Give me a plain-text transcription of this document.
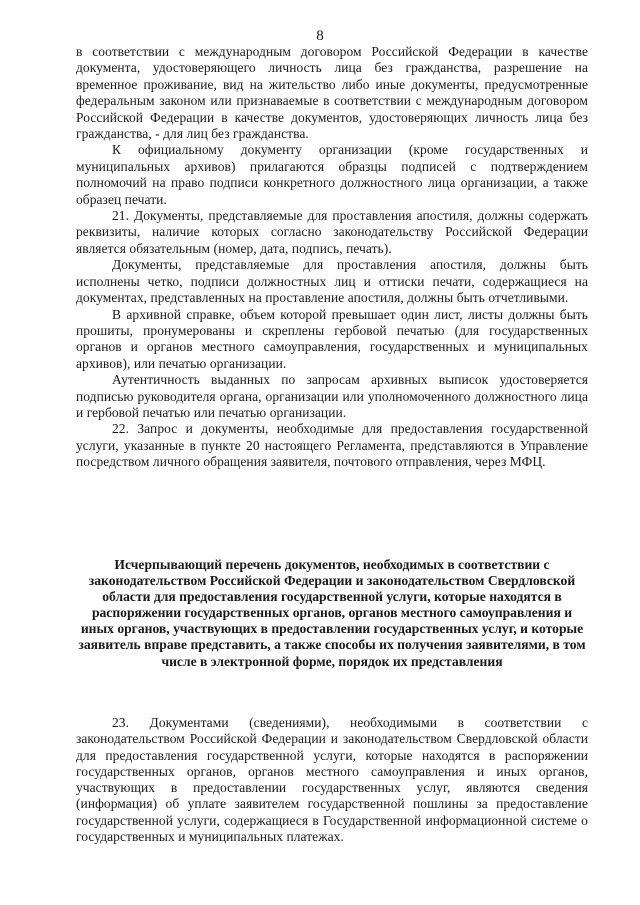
8

в соответствии с международным договором Российской Федерации в качестве документа, удостоверяющего личность лица без гражданства, разрешение на временное проживание, вид на жительство либо иные документы, предусмотренные федеральным законом или признаваемые в соответствии с международным договором Российской Федерации в качестве документов, удостоверяющих личность лица без гражданства, - для лиц без гражданства.

К официальному документу организации (кроме государственных и муниципальных архивов) прилагаются образцы подписей с подтверждением полномочий на право подписи конкретного должностного лица организации, а также образец печати.

21. Документы, представляемые для проставления апостиля, должны содержать реквизиты, наличие которых согласно законодательству Российской Федерации является обязательным (номер, дата, подпись, печать).

Документы, представляемые для проставления апостиля, должны быть исполнены четко, подписи должностных лиц и оттиски печати, содержащиеся на документах, представленных на проставление апостиля, должны быть отчетливыми.

В архивной справке, объем которой превышает один лист, листы должны быть прошиты, пронумерованы и скреплены гербовой печатью (для государственных органов и органов местного самоуправления, государственных и муниципальных архивов), или печатью организации.

Аутентичность выданных по запросам архивных выписок удостоверяется подписью руководителя органа, организации или уполномоченного должностного лица и гербовой печатью или печатью организации.

22. Запрос и документы, необходимые для предоставления государственной услуги, указанные в пункте 20 настоящего Регламента, представляются в Управление посредством личного обращения заявителя, почтового отправления, через МФЦ.

Исчерпывающий перечень документов, необходимых в соответствии с законодательством Российской Федерации и законодательством Свердловской области для предоставления государственной услуги, которые находятся в распоряжении государственных органов, органов местного самоуправления и иных органов, участвующих в предоставлении государственных услуг, и которые заявитель вправе представить, а также способы их получения заявителями, в том числе в электронной форме, порядок их представления

23. Документами (сведениями), необходимыми в соответствии с законодательством Российской Федерации и законодательством Свердловской области для предоставления государственной услуги, которые находятся в распоряжении государственных органов, органов местного самоуправления и иных органов, участвующих в предоставлении государственных услуг, являются сведения (информация) об уплате заявителем государственной пошлины за предоставление государственной услуги, содержащиеся в Государственной информационной системе о государственных и муниципальных платежах.
